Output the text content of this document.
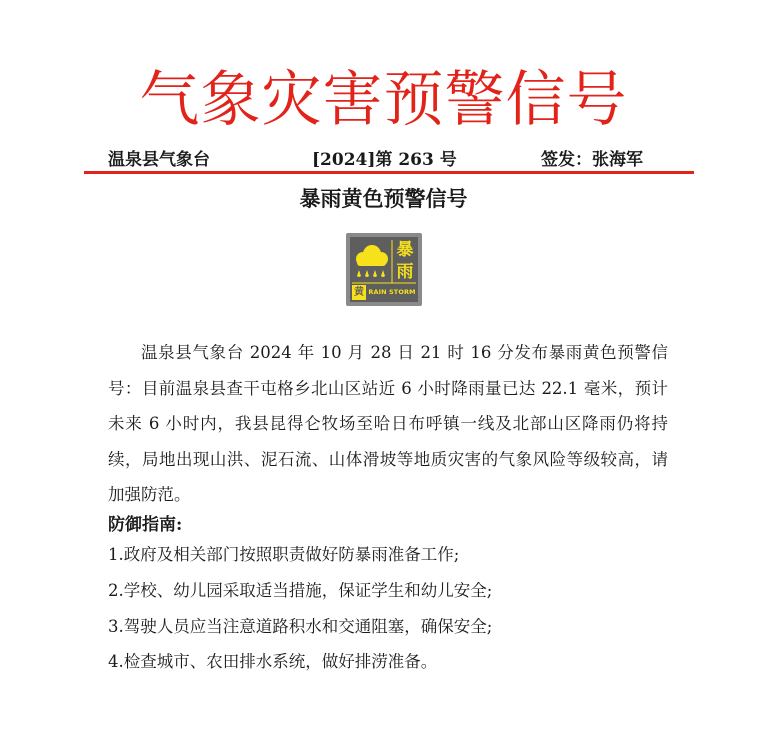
气象灾害预警信号
温泉县气象台	[2024]第 263 号	签发：张海军
暴雨黄色预警信号
暴
雨
黄 RAIN STORM

温泉县气象台 2024 年 10 月 28 日 21 时 16 分发布暴雨黄色预警信号：目前温泉县查干屯格乡北山区站近 6 小时降雨量已达 22.1 毫米，预计未来 6 小时内，我县昆得仑牧场至哈日布呼镇一线及北部山区降雨仍将持续，局地出现山洪、泥石流、山体滑坡等地质灾害的气象风险等级较高，请加强防范。

防御指南:
1.政府及相关部门按照职责做好防暴雨准备工作;
2.学校、幼儿园采取适当措施，保证学生和幼儿安全;
3.驾驶人员应当注意道路积水和交通阻塞，确保安全;
4.检查城市、农田排水系统，做好排涝准备。
